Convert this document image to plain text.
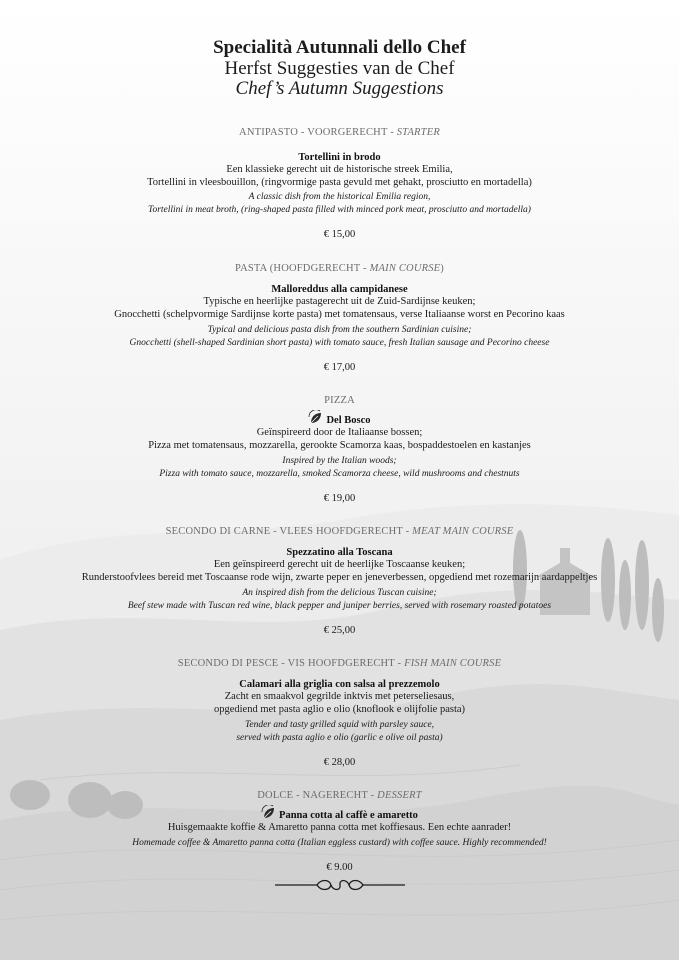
Specialità Autunnali dello Chef
Herfst Suggesties van de Chef
Chef’s Autumn Suggestions
ANTIPASTO - VOORGERECHT - STARTER
Tortellini in brodo
Een klassieke gerecht uit de historische streek Emilia,
Tortellini in vleesbouillon, (ringvormige pasta gevuld met gehakt, prosciutto en mortadella)
A classic dish from the historical Emilia region,
Tortellini in meat broth, (ring-shaped pasta filled with minced pork meat, prosciutto and mortadella)
€ 15,00
PASTA (HOOFDGERECHT - MAIN COURSE)
Malloreddus alla campidanese
Typische en heerlijke pastagerecht uit de Zuid-Sardijnse keuken;
Gnocchetti (schelpvormige Sardijnse korte pasta) met tomatensaus, verse Italiaanse worst en Pecorino kaas
Typical and delicious pasta dish from the southern Sardinian cuisine;
Gnocchetti (shell-shaped Sardinian short pasta) with tomato sauce, fresh Italian sausage and Pecorino cheese
€ 17,00
PIZZA
Del Bosco
Geïnspireerd door de Italiaanse bossen;
Pizza met tomatensaus, mozzarella, gerookte Scamorza kaas, bospaddestoelen en kastanjes
Inspired by the Italian woods;
Pizza with tomato sauce, mozzarella, smoked Scamorza cheese, wild mushrooms and chestnuts
€ 19,00
SECONDO DI CARNE - VLEES HOOFDGERECHT - MEAT MAIN COURSE
Spezzatino alla Toscana
Een geïnspireerd gerecht uit de heerlijke Toscaanse keuken;
Runderstoofvlees bereid met Toscaanse rode wijn, zwarte peper en jeneverbessen, opgediend met rozemarijn aardappeltjes
An inspired dish from the delicious Tuscan cuisine;
Beef stew made with Tuscan red wine, black pepper and juniper berries, served with rosemary roasted potatoes
€ 25,00
SECONDO DI PESCE - VIS HOOFDGERECHT - FISH MAIN COURSE
Calamari alla griglia con salsa al prezzemolo
Zacht en smaakvol gegrilde inktvis met peterseliesaus,
opgediend met pasta aglio e olio (knoflook e olijfolie pasta)
Tender and tasty grilled squid with parsley sauce,
served with pasta aglio e olio (garlic e olive oil pasta)
€ 28,00
DOLCE - NAGERECHT - DESSERT
Panna cotta al caffè e amaretto
Huisgemaakte koffie & Amaretto panna cotta met koffiesaus. Een echte aanrader!
Homemade coffee & Amaretto panna cotta (Italian eggless custard) with coffee sauce. Highly recommended!
€ 9.00
